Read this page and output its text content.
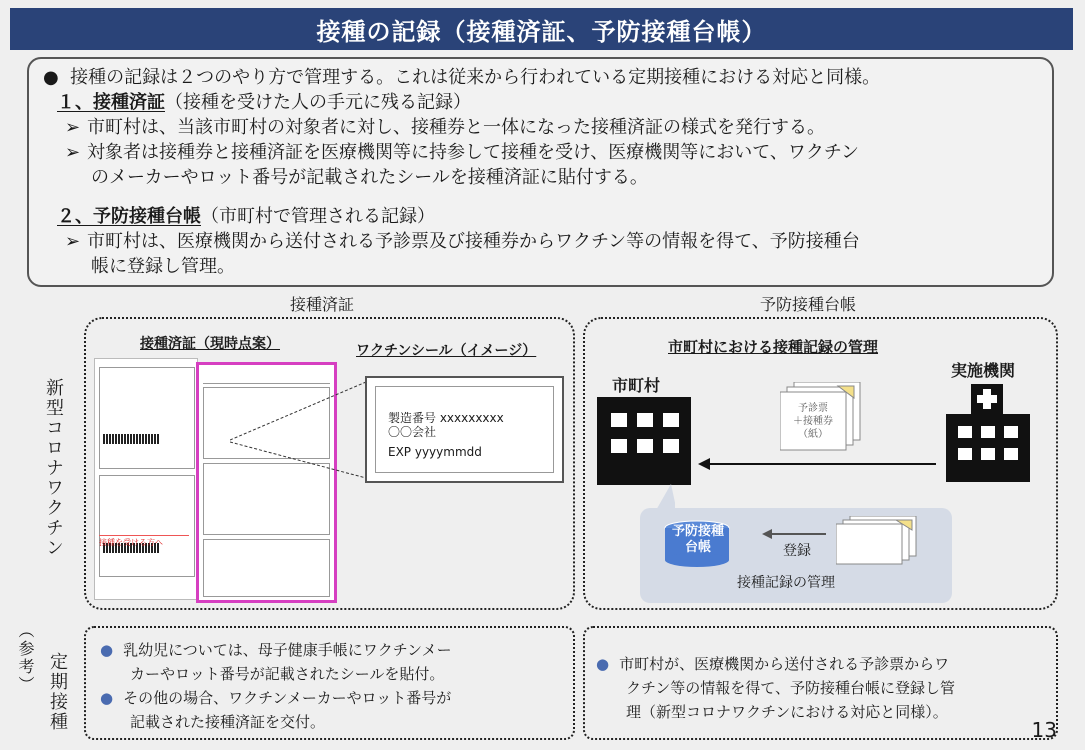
接種の記録（接種済証、予防接種台帳）
●  接種の記録は２つのやり方で管理する。これは従来から行われている定期接種における対応と同様。
１、接種済証（接種を受けた人の手元に残る記録）
➢ 市町村は、当該市町村の対象者に対し、接種券と一体になった接種済証の様式を発行する。
➢ 対象者は接種券と接種済証を医療機関等に持参して接種を受け、医療機関等において、ワクチン
のメーカーやロット番号が記載されたシールを接種済証に貼付する。
２、予防接種台帳（市町村で管理される記録）
➢ 市町村は、医療機関から送付される予診票及び接種券からワクチン等の情報を得て、予防接種台
帳に登録し管理。
接種済証	予防接種台帳
新型コロナワクチン
（参考） 定期接種
接種済証（現時点案）	ワクチンシール（イメージ）
接種を受ける方へ
製造番号 xxxxxxxxx
〇〇会社
EXP yyyymmdd
市町村における接種記録の管理
市町村
実施機関
予診票
＋接種券
（紙）
予防接種
台帳	登録
接種記録の管理
● 乳幼児については、母子健康手帳にワクチンメー
カーやロット番号が記載されたシールを貼付。
● その他の場合、ワクチンメーカーやロット番号が
記載された接種済証を交付。
● 市町村が、医療機関から送付される予診票からワ
クチン等の情報を得て、予防接種台帳に登録し管
理（新型コロナワクチンにおける対応と同様）。
13
